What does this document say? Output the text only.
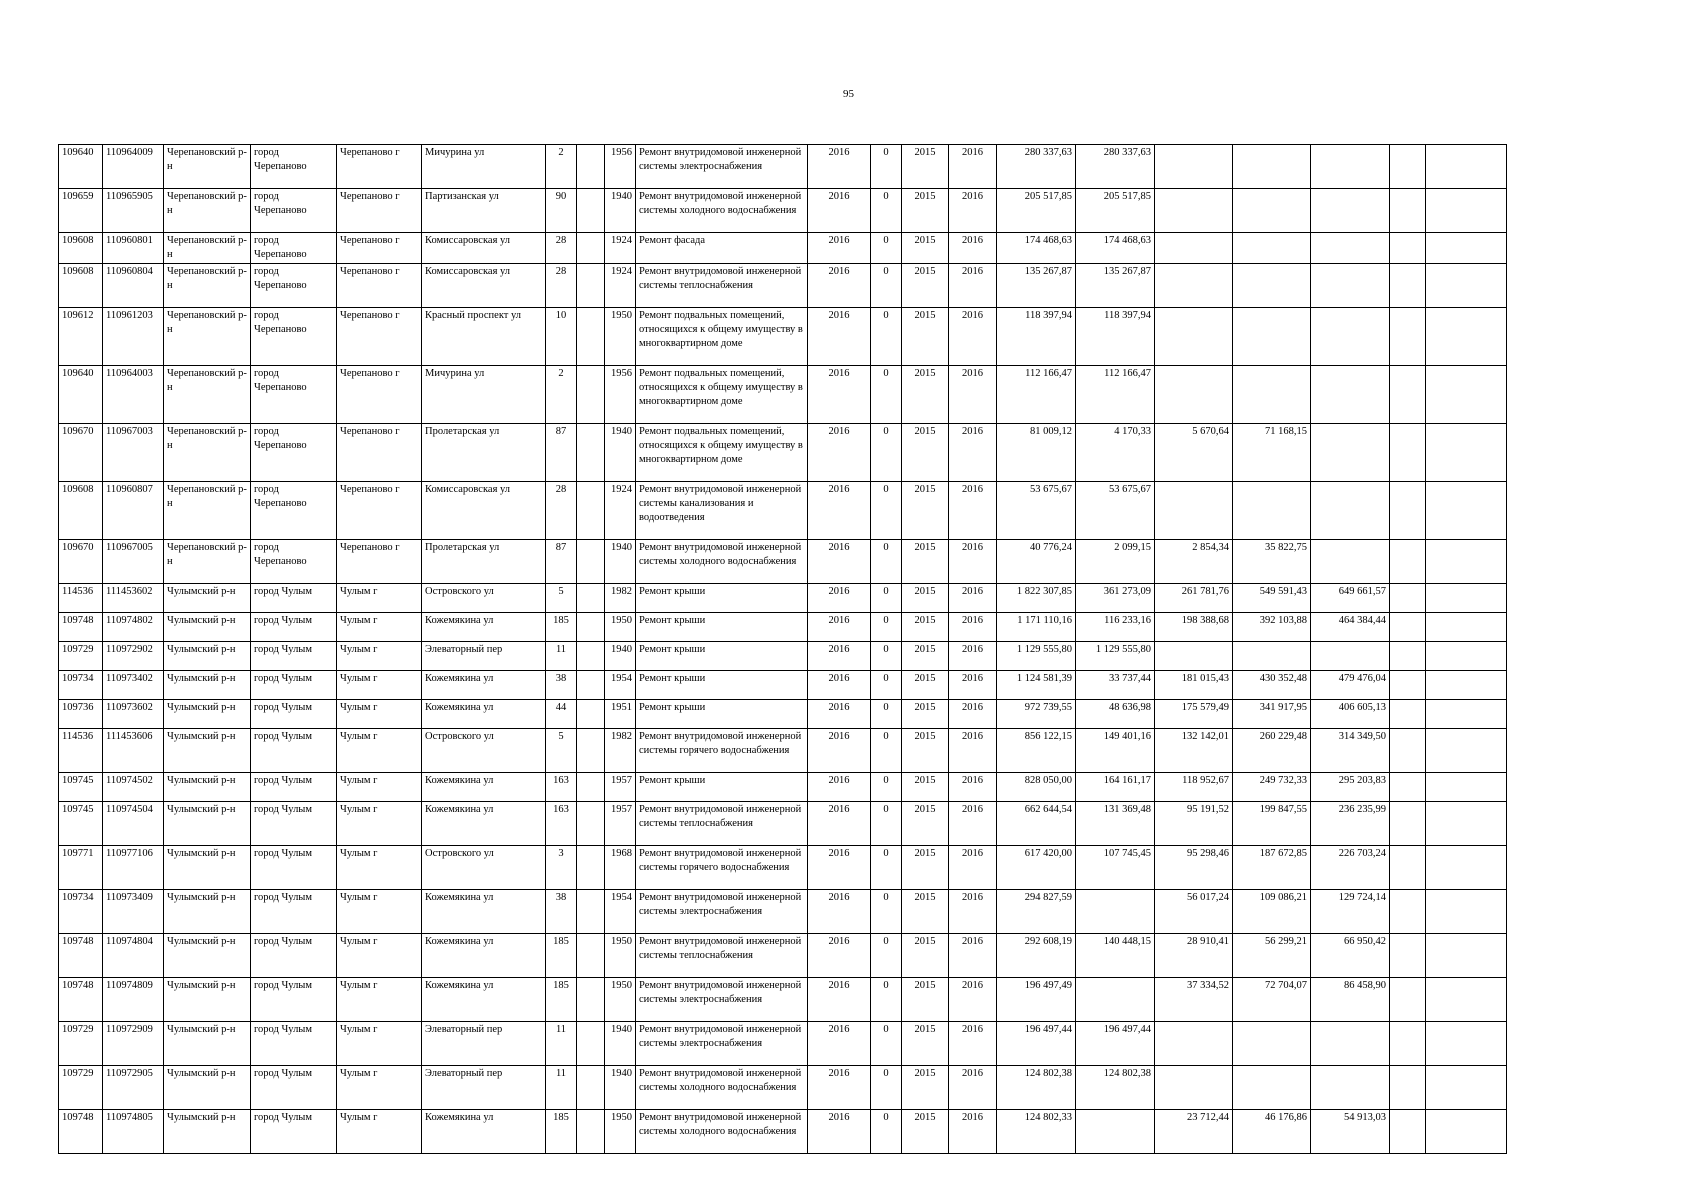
95
109640	110964009	Черепановский р-н	город Черепаново	Черепаново г	Мичурина ул	2		1956	Ремонт внутридомовой инженерной системы электроснабжения	2016	0	2015	2016	280 337,63	280 337,63					
109659	110965905	Черепановский р-н	город Черепаново	Черепаново г	Партизанская ул	90		1940	Ремонт внутридомовой инженерной системы холодного водоснабжения	2016	0	2015	2016	205 517,85	205 517,85					
109608	110960801	Черепановский р-н	город Черепаново	Черепаново г	Комиссаровская ул	28		1924	Ремонт фасада	2016	0	2015	2016	174 468,63	174 468,63					
109608	110960804	Черепановский р-н	город Черепаново	Черепаново г	Комиссаровская ул	28		1924	Ремонт внутридомовой инженерной системы теплоснабжения	2016	0	2015	2016	135 267,87	135 267,87					
109612	110961203	Черепановский р-н	город Черепаново	Черепаново г	Красный проспект ул	10		1950	Ремонт подвальных помещений, относящихся к общему имуществу в многоквартирном доме	2016	0	2015	2016	118 397,94	118 397,94					
109640	110964003	Черепановский р-н	город Черепаново	Черепаново г	Мичурина ул	2		1956	Ремонт подвальных помещений, относящихся к общему имуществу в многоквартирном доме	2016	0	2015	2016	112 166,47	112 166,47					
109670	110967003	Черепановский р-н	город Черепаново	Черепаново г	Пролетарская ул	87		1940	Ремонт подвальных помещений, относящихся к общему имуществу в многоквартирном доме	2016	0	2015	2016	81 009,12	4 170,33	5 670,64	71 168,15			
109608	110960807	Черепановский р-н	город Черепаново	Черепаново г	Комиссаровская ул	28		1924	Ремонт внутридомовой инженерной системы канализования и водоотведения	2016	0	2015	2016	53 675,67	53 675,67					
109670	110967005	Черепановский р-н	город Черепаново	Черепаново г	Пролетарская ул	87		1940	Ремонт внутридомовой инженерной системы холодного водоснабжения	2016	0	2015	2016	40 776,24	2 099,15	2 854,34	35 822,75			
114536	111453602	Чулымский р-н	город Чулым	Чулым г	Островского ул	5		1982	Ремонт крыши	2016	0	2015	2016	1 822 307,85	361 273,09	261 781,76	549 591,43	649 661,57		
109748	110974802	Чулымский р-н	город Чулым	Чулым г	Кожемякина ул	185		1950	Ремонт крыши	2016	0	2015	2016	1 171 110,16	116 233,16	198 388,68	392 103,88	464 384,44		
109729	110972902	Чулымский р-н	город Чулым	Чулым г	Элеваторный пер	11		1940	Ремонт крыши	2016	0	2015	2016	1 129 555,80	1 129 555,80					
109734	110973402	Чулымский р-н	город Чулым	Чулым г	Кожемякина ул	38		1954	Ремонт крыши	2016	0	2015	2016	1 124 581,39	33 737,44	181 015,43	430 352,48	479 476,04		
109736	110973602	Чулымский р-н	город Чулым	Чулым г	Кожемякина ул	44		1951	Ремонт крыши	2016	0	2015	2016	972 739,55	48 636,98	175 579,49	341 917,95	406 605,13		
114536	111453606	Чулымский р-н	город Чулым	Чулым г	Островского ул	5		1982	Ремонт внутридомовой инженерной системы горячего водоснабжения	2016	0	2015	2016	856 122,15	149 401,16	132 142,01	260 229,48	314 349,50		
109745	110974502	Чулымский р-н	город Чулым	Чулым г	Кожемякина ул	163		1957	Ремонт крыши	2016	0	2015	2016	828 050,00	164 161,17	118 952,67	249 732,33	295 203,83		
109745	110974504	Чулымский р-н	город Чулым	Чулым г	Кожемякина ул	163		1957	Ремонт внутридомовой инженерной системы теплоснабжения	2016	0	2015	2016	662 644,54	131 369,48	95 191,52	199 847,55	236 235,99		
109771	110977106	Чулымский р-н	город Чулым	Чулым г	Островского ул	3		1968	Ремонт внутридомовой инженерной системы горячего водоснабжения	2016	0	2015	2016	617 420,00	107 745,45	95 298,46	187 672,85	226 703,24		
109734	110973409	Чулымский р-н	город Чулым	Чулым г	Кожемякина ул	38		1954	Ремонт внутридомовой инженерной системы электроснабжения	2016	0	2015	2016	294 827,59		56 017,24	109 086,21	129 724,14		
109748	110974804	Чулымский р-н	город Чулым	Чулым г	Кожемякина ул	185		1950	Ремонт внутридомовой инженерной системы теплоснабжения	2016	0	2015	2016	292 608,19	140 448,15	28 910,41	56 299,21	66 950,42		
109748	110974809	Чулымский р-н	город Чулым	Чулым г	Кожемякина ул	185		1950	Ремонт внутридомовой инженерной системы электроснабжения	2016	0	2015	2016	196 497,49		37 334,52	72 704,07	86 458,90		
109729	110972909	Чулымский р-н	город Чулым	Чулым г	Элеваторный пер	11		1940	Ремонт внутридомовой инженерной системы электроснабжения	2016	0	2015	2016	196 497,44	196 497,44					
109729	110972905	Чулымский р-н	город Чулым	Чулым г	Элеваторный пер	11		1940	Ремонт внутридомовой инженерной системы холодного водоснабжения	2016	0	2015	2016	124 802,38	124 802,38					
109748	110974805	Чулымский р-н	город Чулым	Чулым г	Кожемякина ул	185		1950	Ремонт внутридомовой инженерной системы холодного водоснабжения	2016	0	2015	2016	124 802,33		23 712,44	46 176,86	54 913,03		
